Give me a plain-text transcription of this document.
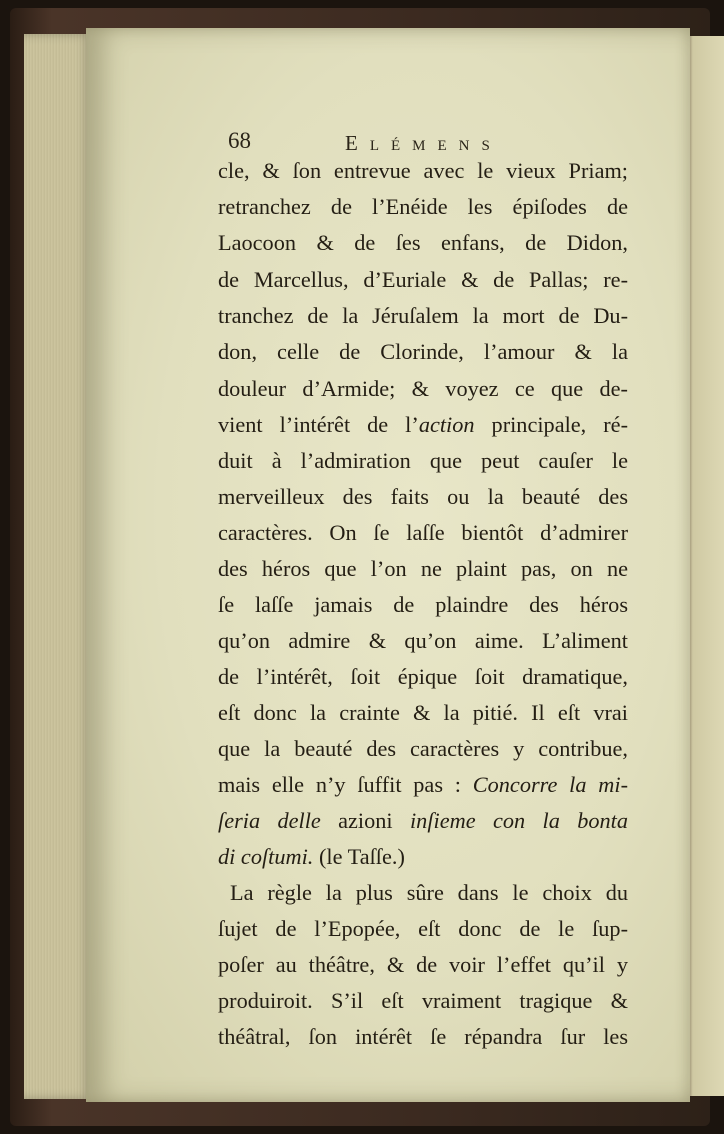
68	Elémens
cle, & ſon entrevue avec le vieux Priam;
retranchez de l’Enéide les épiſodes de
Laocoon & de ſes enfans, de Didon,
de Marcellus, d’Euriale & de Pallas; re-
tranchez de la Jéruſalem la mort de Du-
don, celle de Clorinde, l’amour & la
douleur d’Armide; & voyez ce que de-
vient l’intérêt de l’action principale, ré-
duit à l’admiration que peut cauſer le
merveilleux des faits ou la beauté des
caractères. On ſe laſſe bientôt d’admirer
des héros que l’on ne plaint pas, on ne
ſe laſſe jamais de plaindre des héros
qu’on admire & qu’on aime. L’aliment
de l’intérêt, ſoit épique ſoit dramatique,
eſt donc la crainte & la pitié. Il eſt vrai
que la beauté des caractères y contribue,
mais elle n’y ſuffit pas : Concorre la mi-
ſeria delle azioni inſieme con la bonta
di coſtumi. (le Taſſe.)
La règle la plus sûre dans le choix du
ſujet de l’Epopée, eſt donc de le ſup-
poſer au théâtre, & de voir l’effet qu’il y
produiroit. S’il eſt vraiment tragique &
théâtral, ſon intérêt ſe répandra ſur les
